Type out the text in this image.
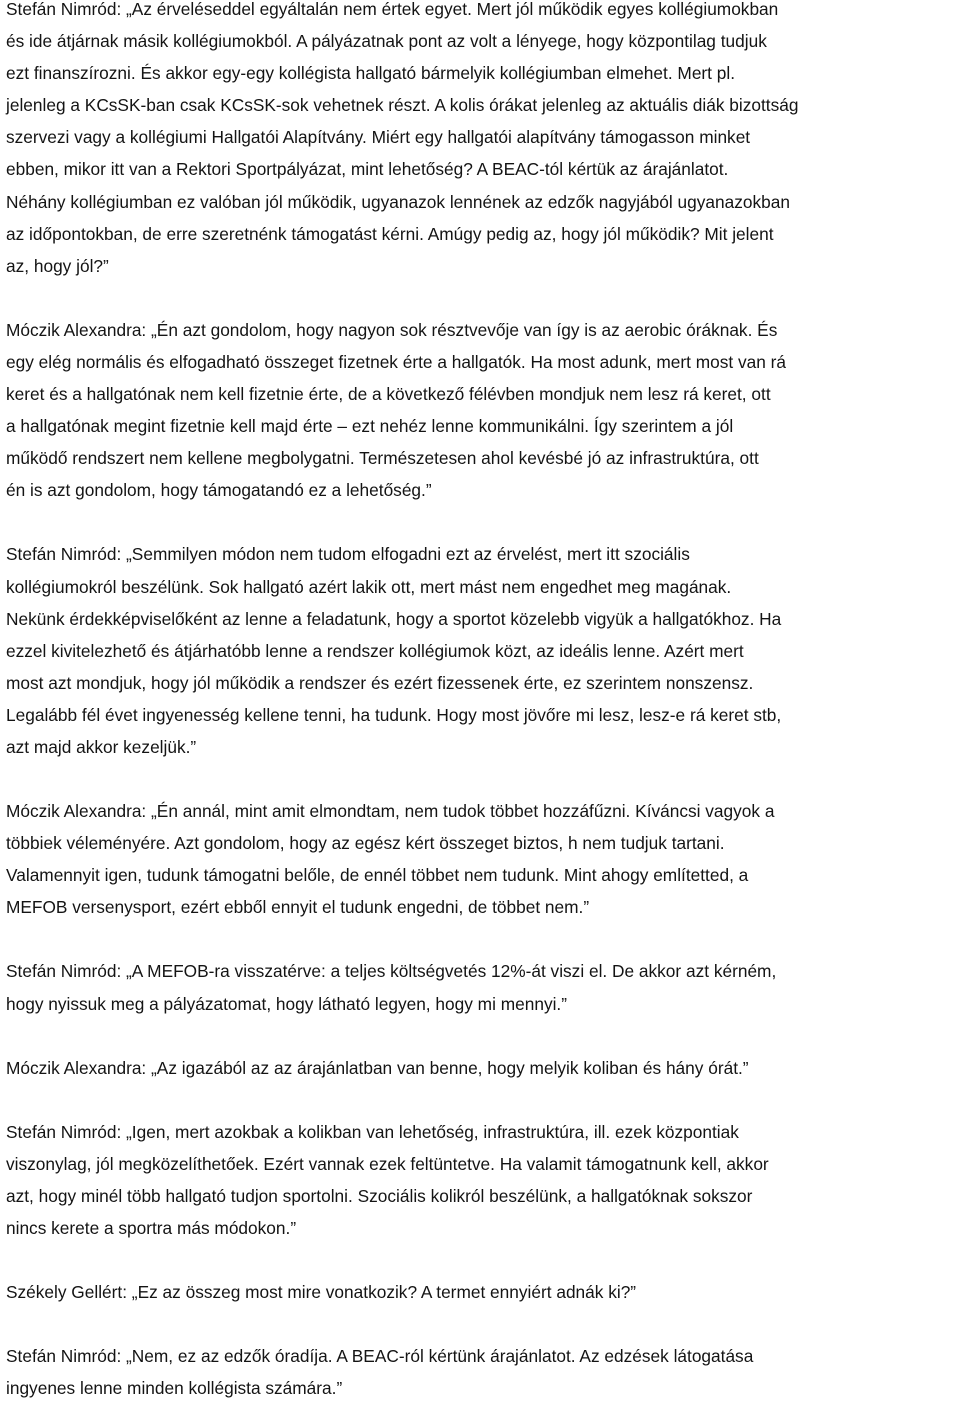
Stefán Nimród: „Az érveléseddel egyáltalán nem értek egyet. Mert jól működik egyes kollégiumokban
és ide átjárnak másik kollégiumokból. A pályázatnak pont az volt a lényege, hogy központilag tudjuk
ezt finanszírozni. És akkor egy-egy kollégista hallgató bármelyik kollégiumban elmehet. Mert pl.
jelenleg a KCsSK-ban csak KCsSK-sok vehetnek részt. A kolis órákat jelenleg az aktuális diák bizottság
szervezi vagy a kollégiumi Hallgatói Alapítvány. Miért egy hallgatói alapítvány támogasson minket
ebben, mikor itt van a Rektori Sportpályázat, mint lehetőség? A BEAC-tól kértük az árajánlatot.
Néhány kollégiumban ez valóban jól működik, ugyanazok lennének az edzők nagyjából ugyanazokban
az időpontokban, de erre szeretnénk támogatást kérni. Amúgy pedig az, hogy jól működik? Mit jelent
az, hogy jól?”
Móczik Alexandra: „Én azt gondolom, hogy nagyon sok résztvevője van így is az aerobic óráknak. És
egy elég normális és elfogadható összeget fizetnek érte a hallgatók. Ha most adunk, mert most van rá
keret és a hallgatónak nem kell fizetnie érte, de a következő félévben mondjuk nem lesz rá keret, ott
a hallgatónak megint fizetnie kell majd érte – ezt nehéz lenne kommunikálni. Így szerintem a jól
működő rendszert nem kellene megbolygatni. Természetesen ahol kevésbé jó az infrastruktúra, ott
én is azt gondolom, hogy támogatandó ez a lehetőség.”
Stefán Nimród: „Semmilyen módon nem tudom elfogadni ezt az érvelést, mert itt szociális
kollégiumokról beszélünk. Sok hallgató azért lakik ott, mert mást nem engedhet meg magának.
Nekünk érdekképviselőként az lenne a feladatunk, hogy a sportot közelebb vigyük a hallgatókhoz. Ha
ezzel kivitelezhető és átjárhatóbb lenne a rendszer kollégiumok közt, az ideális lenne. Azért mert
most azt mondjuk, hogy jól működik a rendszer és ezért fizessenek érte, ez szerintem nonszensz.
Legalább fél évet ingyenesség kellene tenni, ha tudunk. Hogy most jövőre mi lesz, lesz-e rá keret stb,
azt majd akkor kezeljük.”
Móczik Alexandra: „Én annál, mint amit elmondtam, nem tudok többet hozzáfűzni. Kíváncsi vagyok a
többiek véleményére. Azt gondolom, hogy az egész kért összeget biztos, h nem tudjuk tartani.
Valamennyit igen, tudunk támogatni belőle, de ennél többet nem tudunk. Mint ahogy említetted, a
MEFOB versenysport, ezért ebből ennyit el tudunk engedni, de többet nem.”
Stefán Nimród: „A MEFOB-ra visszatérve: a teljes költségvetés 12%-át viszi el. De akkor azt kérném,
hogy nyissuk meg a pályázatomat, hogy látható legyen, hogy mi mennyi.”
Móczik Alexandra: „Az igazából az az árajánlatban van benne, hogy melyik koliban és hány órát.”
Stefán Nimród: „Igen, mert azokbak a kolikban van lehetőség, infrastruktúra, ill. ezek központiak
viszonylag, jól megközelíthetőek. Ezért vannak ezek feltüntetve. Ha valamit támogatnunk kell, akkor
azt, hogy minél több hallgató tudjon sportolni. Szociális kolikról beszélünk, a hallgatóknak sokszor
nincs kerete a sportra más módokon.”
Székely Gellért: „Ez az összeg most mire vonatkozik? A termet ennyiért adnák ki?”
Stefán Nimród: „Nem, ez az edzők óradíja. A BEAC-ról kértünk árajánlatot. Az edzések látogatása
ingyenes lenne minden kollégista számára.”
